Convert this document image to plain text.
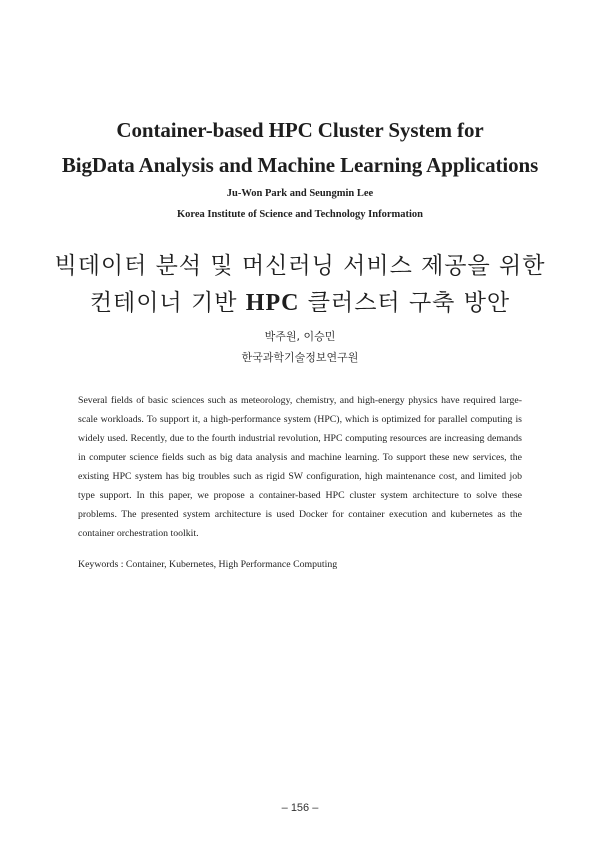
Container-based HPC Cluster System for
BigData Analysis and Machine Learning Applications
Ju-Won Park and Seungmin Lee
Korea Institute of Science and Technology Information
빅데이터 분석 및 머신러닝 서비스 제공을 위한
컨테이너 기반 HPC 클러스터 구축 방안
박주원, 이승민
한국과학기술정보연구원

Several fields of basic sciences such as meteorology, chemistry, and high-energy physics have required large-scale workloads. To support it, a high-performance system (HPC), which is optimized for parallel computing is widely used. Recently, due to the fourth industrial revolution, HPC computing resources are increasing demands in computer science fields such as big data analysis and machine learning. To support these new services, the existing HPC system has big troubles such as rigid SW configuration, high maintenance cost, and limited job type support. In this paper, we propose a container-based HPC cluster system architecture to solve these problems. The presented system architecture is used Docker for container execution and kubernetes as the container orchestration toolkit.

Keywords : Container, Kubernetes, High Performance Computing
– 156 –
